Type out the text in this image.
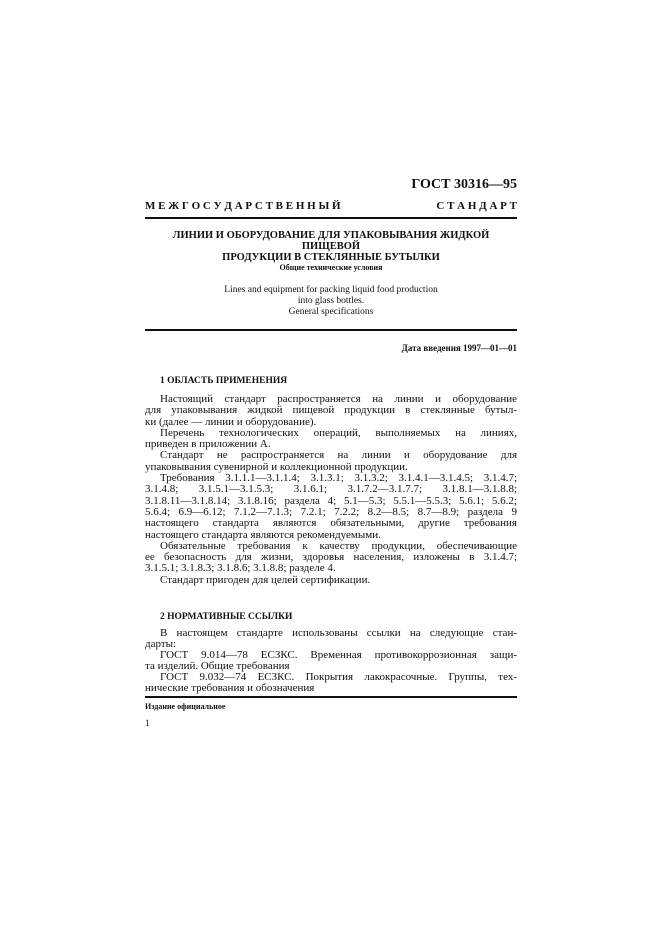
ГОСТ 30316—95
М Е Ж Г О С У Д А Р С Т В Е Н Н Ы Й	С Т А Н Д А Р Т
ЛИНИИ И ОБОРУДОВАНИЕ ДЛЯ УПАКОВЫВАНИЯ ЖИДКОЙ ПИЩЕВОЙ
ПРОДУКЦИИ В СТЕКЛЯННЫЕ БУТЫЛКИ
Общие технические условия
Lines and equipment for packing liquid food production
into glass bottles.
General specifications
Дата введения 1997—01—01
1 ОБЛАСТЬ ПРИМЕНЕНИЯ
Настоящий стандарт распространяется на линии и оборудование
для упаковывания жидкой пищевой продукции в стеклянные бутыл-
ки (далее — линии и оборудование).
Перечень технологических операций, выполняемых на линиях,
приведен в приложении А.
Стандарт не распространяется на линии и оборудование для
упаковывания сувенирной и коллекционной продукции.
Требования 3.1.1.1—3.1.1.4; 3.1.3.1; 3.1.3.2; 3.1.4.1—3.1.4.5; 3.1.4.7;
3.1.4.8; 3.1.5.1—3.1.5.3; 3.1.6.1; 3.1.7.2—3.1.7.7; 3.1.8.1—3.1.8.8;
3.1.8.11—3.1.8.14; 3.1.8.16; раздела 4; 5.1—5.3; 5.5.1—5.5.3; 5.6.1; 5.6.2;
5.6.4; 6.9—6.12; 7.1.2—7.1.3; 7.2.1; 7.2.2; 8.2—8.5; 8.7—8.9; раздела 9
настоящего стандарта являются обязательными, другие требования
настоящего стандарта являются рекомендуемыми.
Обязательные требования к качеству продукции, обеспечивающие
ее безопасность для жизни, здоровья населения, изложены в 3.1.4.7;
3.1.5.1; 3.1.8.3; 3.1.8.6; 3.1.8.8; разделе 4.
Стандарт пригоден для целей сертификации.
2 НОРМАТИВНЫЕ ССЫЛКИ
В настоящем стандарте использованы ссылки на следующие стан-
дарты:
ГОСТ 9.014—78 ЕСЗКС. Временная противокоррозионная защи-
та изделий. Общие требования
ГОСТ 9.032—74 ЕСЗКС. Покрытия лакокрасочные. Группы, тех-
нические требования и обозначения
Издание официальное
1
